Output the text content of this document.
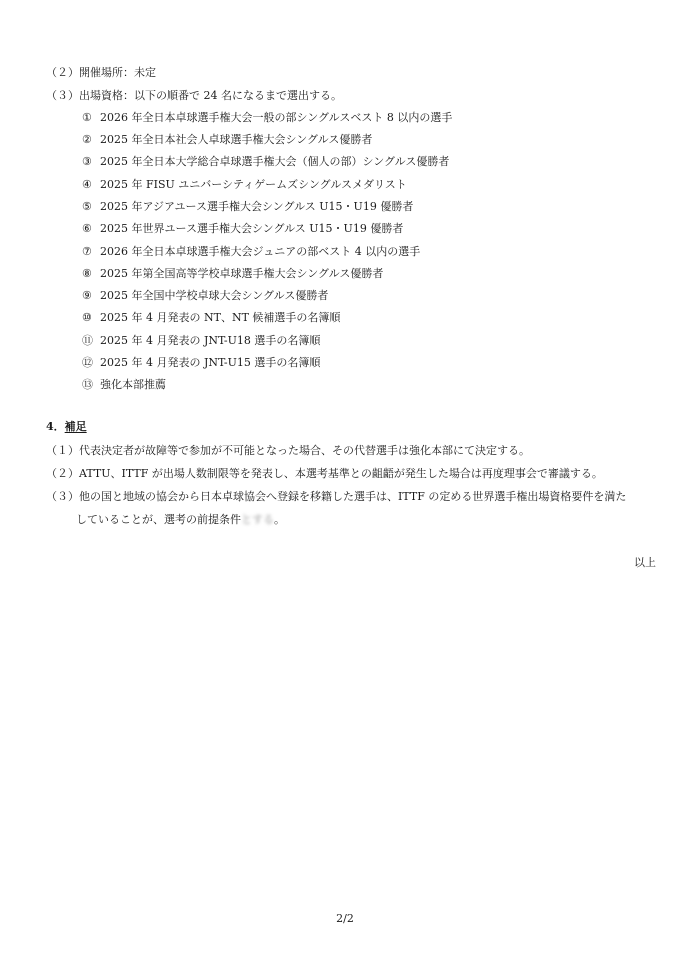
（２）開催場所：未定
（３）出場資格：以下の順番で 24 名になるまで選出する。
① 2026 年全日本卓球選手権大会一般の部シングルスベスト 8 以内の選手
② 2025 年全日本社会人卓球選手権大会シングルス優勝者
③ 2025 年全日本大学総合卓球選手権大会（個人の部）シングルス優勝者
④ 2025 年 FISU ユニバーシティゲームズシングルスメダリスト
⑤ 2025 年アジアユース選手権大会シングルス U15・U19 優勝者
⑥ 2025 年世界ユース選手権大会シングルス U15・U19 優勝者
⑦ 2026 年全日本卓球選手権大会ジュニアの部ベスト 4 以内の選手
⑧ 2025 年第全国高等学校卓球選手権大会シングルス優勝者
⑨ 2025 年全国中学校卓球大会シングルス優勝者
⑩ 2025 年 4 月発表の NT、NT 候補選手の名簿順
⑪ 2025 年 4 月発表の JNT-U18 選手の名簿順
⑫ 2025 年 4 月発表の JNT-U15 選手の名簿順
⑬ 強化本部推薦
4．補足
（１）代表決定者が故障等で参加が不可能となった場合、その代替選手は強化本部にて決定する。
（２）ATTU、ITTF が出場人数制限等を発表し、本選考基準との齟齬が発生した場合は再度理事会で審議する。
（３）他の国と地域の協会から日本卓球協会へ登録を移籍した選手は、ITTF の定める世界選手権出場資格要件を満た
していることが、選考の前提条件とする。
以上
2/2
